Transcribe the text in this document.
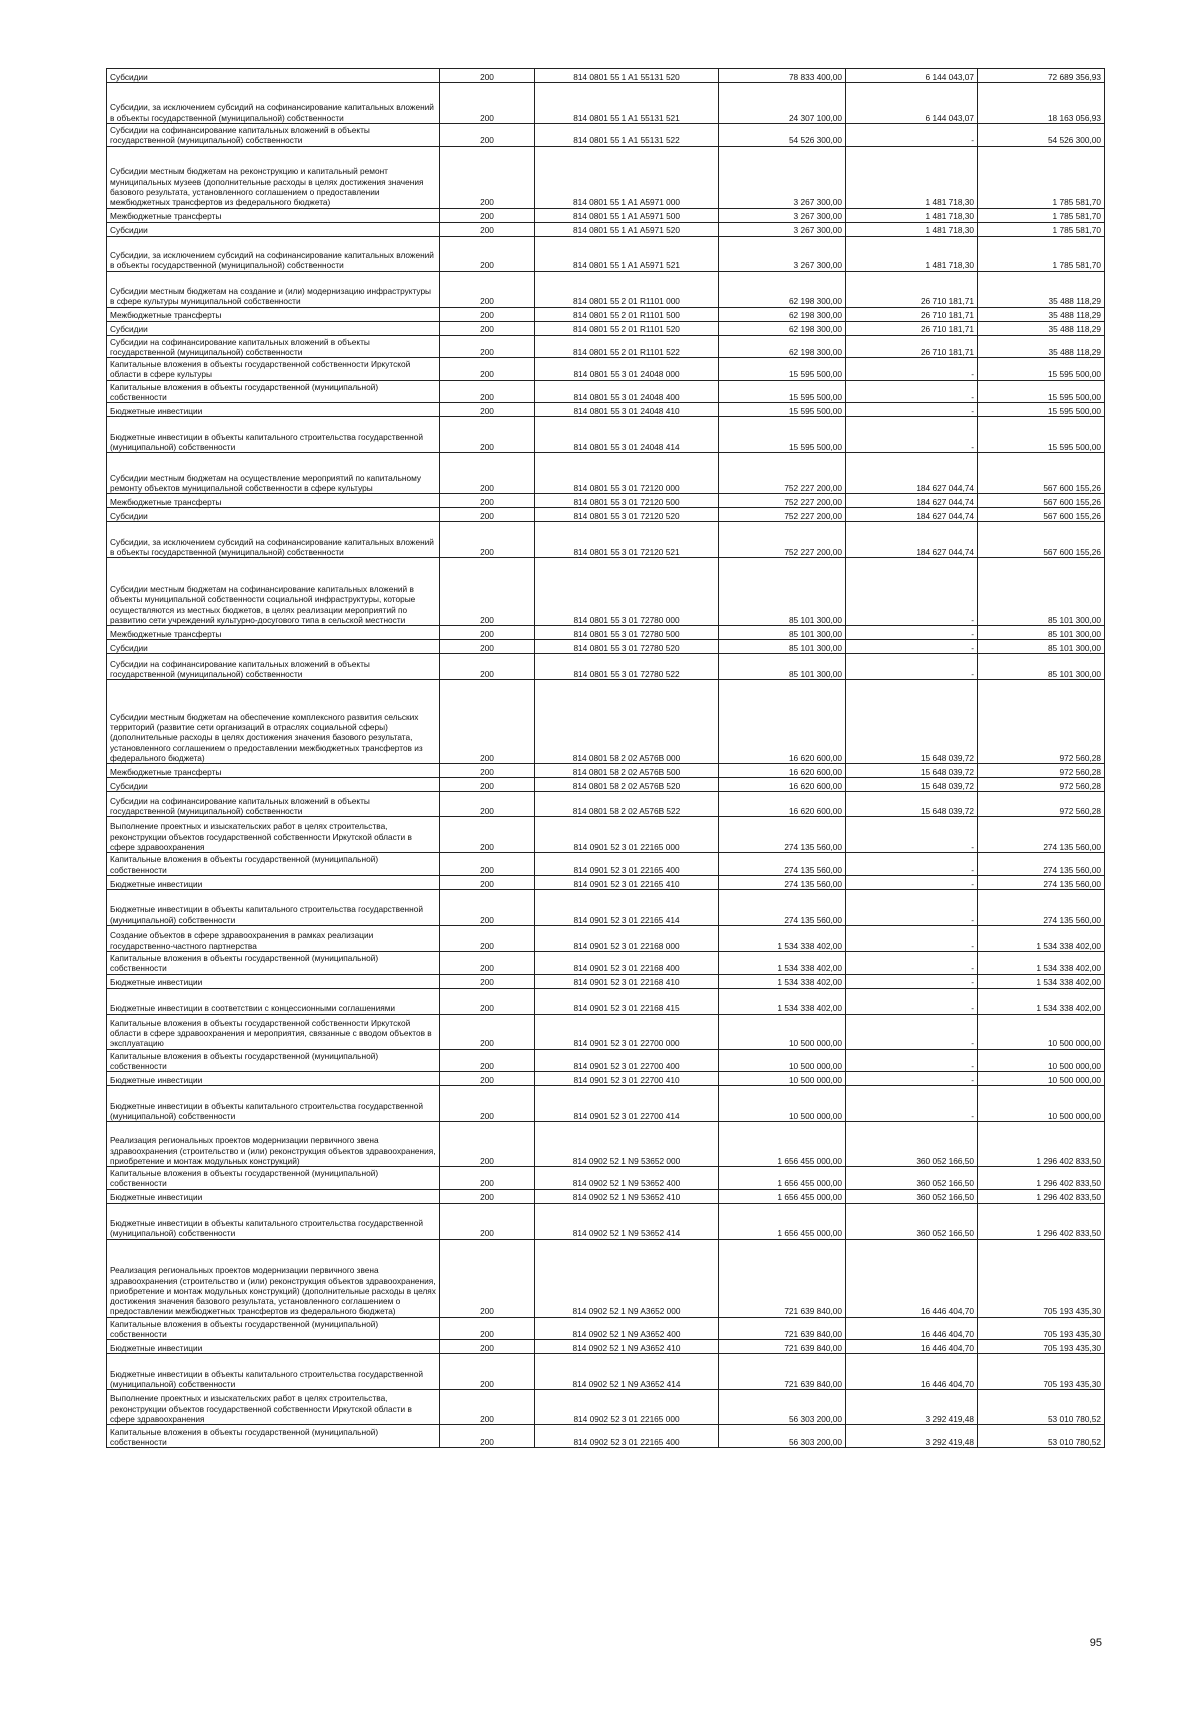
Субсидии	200	814 0801 55 1 A1 55131 520	78 833 400,00	6 144 043,07	72 689 356,93
Субсидии, за исключением субсидий на софинансирование капитальных вложений в объекты государственной (муниципальной) собственности	200	814 0801 55 1 A1 55131 521	24 307 100,00	6 144 043,07	18 163 056,93
Субсидии на софинансирование капитальных вложений в объекты государственной (муниципальной) собственности	200	814 0801 55 1 A1 55131 522	54 526 300,00	-	54 526 300,00
Субсидии местным бюджетам на реконструкцию и капитальный ремонт муниципальных музеев (дополнительные расходы в целях достижения значения базового результата, установленного соглашением о предоставлении межбюджетных трансфертов из федерального бюджета)	200	814 0801 55 1 A1 A5971 000	3 267 300,00	1 481 718,30	1 785 581,70
Межбюджетные трансферты	200	814 0801 55 1 A1 A5971 500	3 267 300,00	1 481 718,30	1 785 581,70
Субсидии	200	814 0801 55 1 A1 A5971 520	3 267 300,00	1 481 718,30	1 785 581,70
Субсидии, за исключением субсидий на софинансирование капитальных вложений в объекты государственной (муниципальной) собственности	200	814 0801 55 1 A1 A5971 521	3 267 300,00	1 481 718,30	1 785 581,70
Субсидии местным бюджетам на создание и (или) модернизацию инфраструктуры в сфере культуры муниципальной собственности	200	814 0801 55 2 01 R1101 000	62 198 300,00	26 710 181,71	35 488 118,29
Межбюджетные трансферты	200	814 0801 55 2 01 R1101 500	62 198 300,00	26 710 181,71	35 488 118,29
Субсидии	200	814 0801 55 2 01 R1101 520	62 198 300,00	26 710 181,71	35 488 118,29
Субсидии на софинансирование капитальных вложений в объекты государственной (муниципальной) собственности	200	814 0801 55 2 01 R1101 522	62 198 300,00	26 710 181,71	35 488 118,29
Капитальные вложения в объекты государственной собственности Иркутской области в сфере культуры	200	814 0801 55 3 01 24048 000	15 595 500,00	-	15 595 500,00
Капитальные вложения в объекты государственной (муниципальной) собственности	200	814 0801 55 3 01 24048 400	15 595 500,00	-	15 595 500,00
Бюджетные инвестиции	200	814 0801 55 3 01 24048 410	15 595 500,00	-	15 595 500,00
Бюджетные инвестиции в объекты капитального строительства государственной (муниципальной) собственности	200	814 0801 55 3 01 24048 414	15 595 500,00	-	15 595 500,00
Субсидии местным бюджетам на осуществление мероприятий по капитальному ремонту объектов муниципальной собственности в сфере культуры	200	814 0801 55 3 01 72120 000	752 227 200,00	184 627 044,74	567 600 155,26
Межбюджетные трансферты	200	814 0801 55 3 01 72120 500	752 227 200,00	184 627 044,74	567 600 155,26
Субсидии	200	814 0801 55 3 01 72120 520	752 227 200,00	184 627 044,74	567 600 155,26
Субсидии, за исключением субсидий на софинансирование капитальных вложений в объекты государственной (муниципальной) собственности	200	814 0801 55 3 01 72120 521	752 227 200,00	184 627 044,74	567 600 155,26
Субсидии местным бюджетам на софинансирование капитальных вложений в объекты муниципальной собственности социальной инфраструктуры, которые осуществляются из местных бюджетов, в целях реализации мероприятий по развитию сети учреждений культурно-досугового типа в сельской местности	200	814 0801 55 3 01 72780 000	85 101 300,00	-	85 101 300,00
Межбюджетные трансферты	200	814 0801 55 3 01 72780 500	85 101 300,00	-	85 101 300,00
Субсидии	200	814 0801 55 3 01 72780 520	85 101 300,00	-	85 101 300,00
Субсидии на софинансирование капитальных вложений в объекты государственной (муниципальной) собственности	200	814 0801 55 3 01 72780 522	85 101 300,00	-	85 101 300,00
Субсидии местным бюджетам на обеспечение комплексного развития сельских территорий (развитие сети организаций в отраслях социальной сферы) (дополнительные расходы в целях достижения значения базового результата, установленного соглашением о предоставлении межбюджетных трансфертов из федерального бюджета)	200	814 0801 58 2 02 A576B 000	16 620 600,00	15 648 039,72	972 560,28
Межбюджетные трансферты	200	814 0801 58 2 02 A576B 500	16 620 600,00	15 648 039,72	972 560,28
Субсидии	200	814 0801 58 2 02 A576B 520	16 620 600,00	15 648 039,72	972 560,28
Субсидии на софинансирование капитальных вложений в объекты государственной (муниципальной) собственности	200	814 0801 58 2 02 A576B 522	16 620 600,00	15 648 039,72	972 560,28
Выполнение проектных и изыскательских работ в целях строительства, реконструкции объектов государственной собственности Иркутской области в сфере здравоохранения	200	814 0901 52 3 01 22165 000	274 135 560,00	-	274 135 560,00
Капитальные вложения в объекты государственной (муниципальной) собственности	200	814 0901 52 3 01 22165 400	274 135 560,00	-	274 135 560,00
Бюджетные инвестиции	200	814 0901 52 3 01 22165 410	274 135 560,00	-	274 135 560,00
Бюджетные инвестиции в объекты капитального строительства государственной (муниципальной) собственности	200	814 0901 52 3 01 22165 414	274 135 560,00	-	274 135 560,00
Создание объектов в сфере здравоохранения в рамках реализации государственно-частного партнерства	200	814 0901 52 3 01 22168 000	1 534 338 402,00	-	1 534 338 402,00
Капитальные вложения в объекты государственной (муниципальной) собственности	200	814 0901 52 3 01 22168 400	1 534 338 402,00	-	1 534 338 402,00
Бюджетные инвестиции	200	814 0901 52 3 01 22168 410	1 534 338 402,00	-	1 534 338 402,00
Бюджетные инвестиции в соответствии с концессионными соглашениями	200	814 0901 52 3 01 22168 415	1 534 338 402,00	-	1 534 338 402,00
Капитальные вложения в объекты государственной собственности Иркутской области в сфере здравоохранения и мероприятия, связанные с вводом объектов в эксплуатацию	200	814 0901 52 3 01 22700 000	10 500 000,00	-	10 500 000,00
Капитальные вложения в объекты государственной (муниципальной) собственности	200	814 0901 52 3 01 22700 400	10 500 000,00	-	10 500 000,00
Бюджетные инвестиции	200	814 0901 52 3 01 22700 410	10 500 000,00	-	10 500 000,00
Бюджетные инвестиции в объекты капитального строительства государственной (муниципальной) собственности	200	814 0901 52 3 01 22700 414	10 500 000,00	-	10 500 000,00
Реализация региональных проектов модернизации первичного звена здравоохранения (строительство и (или) реконструкция объектов здравоохранения, приобретение и монтаж модульных конструкций)	200	814 0902 52 1 N9 53652 000	1 656 455 000,00	360 052 166,50	1 296 402 833,50
Капитальные вложения в объекты государственной (муниципальной) собственности	200	814 0902 52 1 N9 53652 400	1 656 455 000,00	360 052 166,50	1 296 402 833,50
Бюджетные инвестиции	200	814 0902 52 1 N9 53652 410	1 656 455 000,00	360 052 166,50	1 296 402 833,50
Бюджетные инвестиции в объекты капитального строительства государственной (муниципальной) собственности	200	814 0902 52 1 N9 53652 414	1 656 455 000,00	360 052 166,50	1 296 402 833,50
Реализация региональных проектов модернизации первичного звена здравоохранения (строительство и (или) реконструкция объектов здравоохранения, приобретение и монтаж модульных конструкций) (дополнительные расходы в целях достижения значения базового результата, установленного соглашением о предоставлении межбюджетных трансфертов из федерального бюджета)	200	814 0902 52 1 N9 A3652 000	721 639 840,00	16 446 404,70	705 193 435,30
Капитальные вложения в объекты государственной (муниципальной) собственности	200	814 0902 52 1 N9 A3652 400	721 639 840,00	16 446 404,70	705 193 435,30
Бюджетные инвестиции	200	814 0902 52 1 N9 A3652 410	721 639 840,00	16 446 404,70	705 193 435,30
Бюджетные инвестиции в объекты капитального строительства государственной (муниципальной) собственности	200	814 0902 52 1 N9 A3652 414	721 639 840,00	16 446 404,70	705 193 435,30
Выполнение проектных и изыскательских работ в целях строительства, реконструкции объектов государственной собственности Иркутской области в сфере здравоохранения	200	814 0902 52 3 01 22165 000	56 303 200,00	3 292 419,48	53 010 780,52
Капитальные вложения в объекты государственной (муниципальной) собственности	200	814 0902 52 3 01 22165 400	56 303 200,00	3 292 419,48	53 010 780,52
95
